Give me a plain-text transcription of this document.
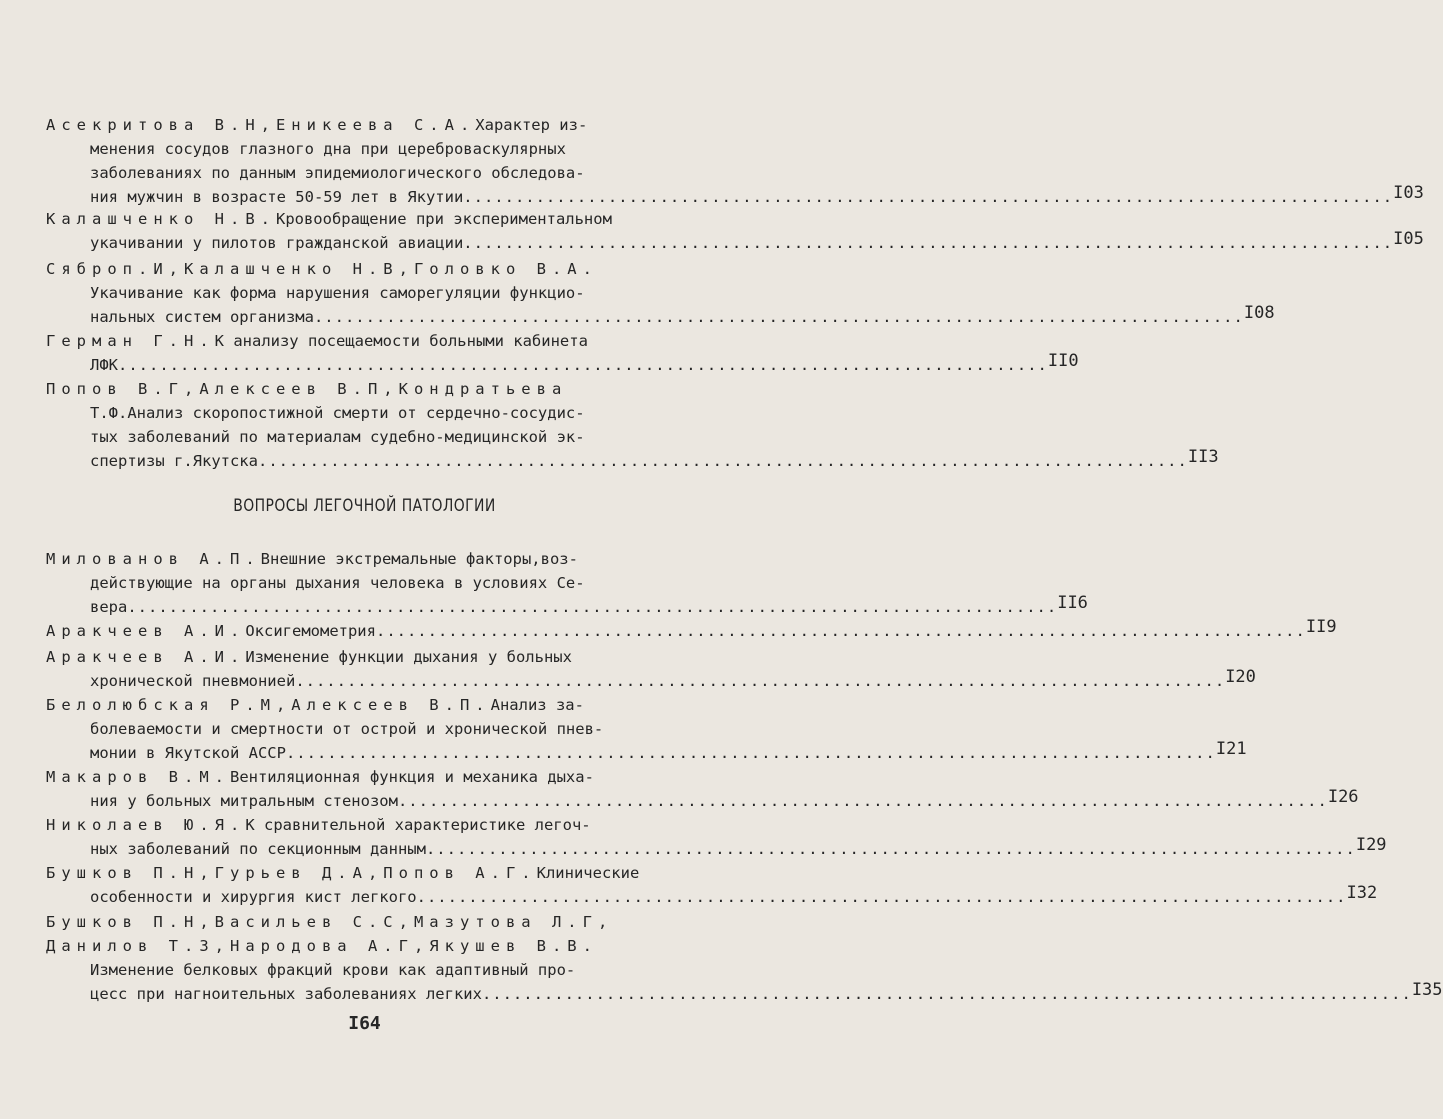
Асекритова В.Н,Еникеева С.А.Характер из-
менения сосудов глазного дна при цереброваскулярных
заболеваниях по данным эпидемиологического обследова-
ния мужчин в возрасте 50-59 лет в Якутии .......................................................................................... I03
Калашченко Н.В.Кровообращение при экспериментальном
укачивании у пилотов гражданской авиации .......................................................................................... I05
Сяброп.И,Калашченко Н.В,Головко В.А.
Укачивание как форма нарушения саморегуляции функцио-
нальных систем организма .......................................................................................... I08
Герман Г.Н.К анализу посещаемости больными кабинета
ЛФК .......................................................................................... II0
Попов В.Г,Алексеев В.П,Кондратьева
Т.Ф.Анализ скоропостижной смерти от сердечно-сосудис-
тых заболеваний по материалам судебно-медицинской эк-
спертизы г.Якутска .......................................................................................... II3
ВОПРОСЫ ЛЕГОЧНОЙ ПАТОЛОГИИ
Милованов А.П.Внешние экстремальные факторы,воз-
действующие на органы дыхания человека в условиях Се-
вера .......................................................................................... II6
Аракчеев А.И.Оксигемометрия .......................................................................................... II9
Аракчеев А.И.Изменение функции дыхания у больных
хронической пневмонией .......................................................................................... I20
Белолюбская Р.М,Алексеев В.П.Анализ за-
болеваемости и смертности от острой и хронической пнев-
монии в Якутской АССР .......................................................................................... I21
Макаров В.М.Вентиляционная функция и механика дыха-
ния у больных митральным стенозом .......................................................................................... I26
Николаев Ю.Я.К сравнительной характеристике легоч-
ных заболеваний по секционным данным .......................................................................................... I29
Бушков П.Н,Гурьев Д.А,Попов А.Г.Клинические
особенности и хирургия кист легкого .......................................................................................... I32
Бушков П.Н,Васильев С.С,Мазутова Л.Г,
Данилов Т.З,Народова А.Г,Якушев В.В.
Изменение белковых фракций крови как адаптивный про-
цесс при нагноительных заболеваниях легких .......................................................................................... I35
I64
